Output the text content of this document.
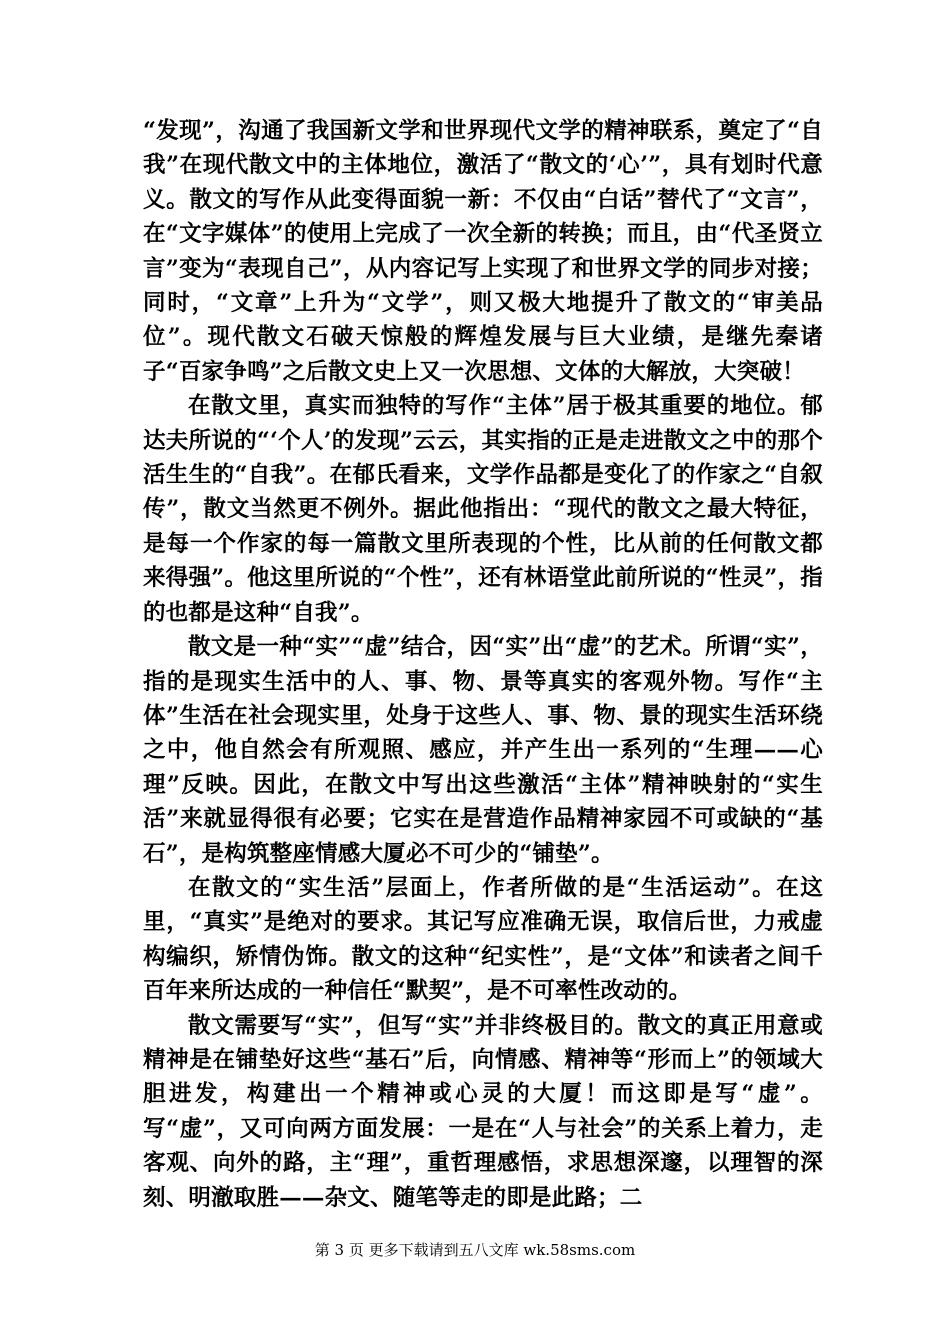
“发现”，沟通了我国新文学和世界现代文学的精神联系，奠定了“自我”在现代散文中的主体地位，激活了“散文的‘心’”，具有划时代意义。散文的写作从此变得面貌一新：不仅由“白话”替代了“文言”，在“文字媒体”的使用上完成了一次全新的转换；而且，由“代圣贤立言”变为“表现自己”，从内容记写上实现了和世界文学的同步对接；同时，“文章”上升为“文学”，则又极大地提升了散文的“审美品位”。现代散文石破天惊般的辉煌发展与巨大业绩，是继先秦诸子“百家争鸣”之后散文史上又一次思想、文体的大解放，大突破！

在散文里，真实而独特的写作“主体”居于极其重要的地位。郁达夫所说的“‘个人’的发现”云云，其实指的正是走进散文之中的那个活生生的“自我”。在郁氏看来，文学作品都是变化了的作家之“自叙传”，散文当然更不例外。据此他指出：“现代的散文之最大特征，是每一个作家的每一篇散文里所表现的个性，比从前的任何散文都来得强”。他这里所说的“个性”，还有林语堂此前所说的“性灵”，指的也都是这种“自我”。

散文是一种“实”“虚”结合，因“实”出“虚”的艺术。所谓“实”，指的是现实生活中的人、事、物、景等真实的客观外物。写作“主体”生活在社会现实里，处身于这些人、事、物、景的现实生活环绕之中，他自然会有所观照、感应，并产生出一系列的“生理——心理”反映。因此，在散文中写出这些激活“主体”精神映射的“实生活”来就显得很有必要；它实在是营造作品精神家园不可或缺的“基石”，是构筑整座情感大厦必不可少的“铺垫”。

在散文的“实生活”层面上，作者所做的是“生活运动”。在这里，“真实”是绝对的要求。其记写应准确无误，取信后世，力戒虚构编织，矫情伪饰。散文的这种“纪实性”，是“文体”和读者之间千百年来所达成的一种信任“默契”，是不可率性改动的。

散文需要写“实”，但写“实”并非终极目的。散文的真正用意或精神是在铺垫好这些“基石”后，向情感、精神等“形而上”的领域大胆进发，构建出一个精神或心灵的大厦！而这即是写“虚”。写“虚”，又可向两方面发展：一是在“人与社会”的关系上着力，走客观、向外的路，主“理”，重哲理感悟，求思想深邃，以理智的深刻、明澈取胜——杂文、随笔等走的即是此路；二

第 3 页 更多下载请到五八文库 wk.58sms.com
